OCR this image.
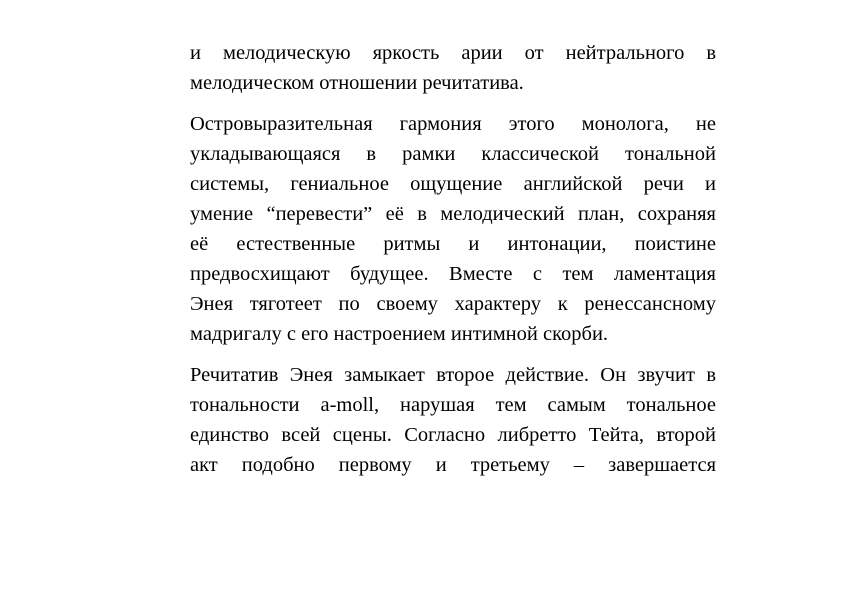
и мелодическую яркость арии от нейтрального в
мелодическом отношении речитатива.
Островыразительная гармония этого монолога, не
укладывающаяся в рамки классической тональной
системы, гениальное ощущение английской речи и
умение “перевести” её в мелодический план, сохраняя
её естественные ритмы и интонации, поистине
предвосхищают будущее. Вместе с тем ламентация
Энея тяготеет по своему характеру к ренессансному
мадригалу с его настроением интимной скорби.
Речитатив Энея замыкает второе действие. Он звучит в
тональности a-moll, нарушая тем самым тональное
единство всей сцены. Согласно либретто Тейта, второй
акт подобно первому и третьему – завершается
